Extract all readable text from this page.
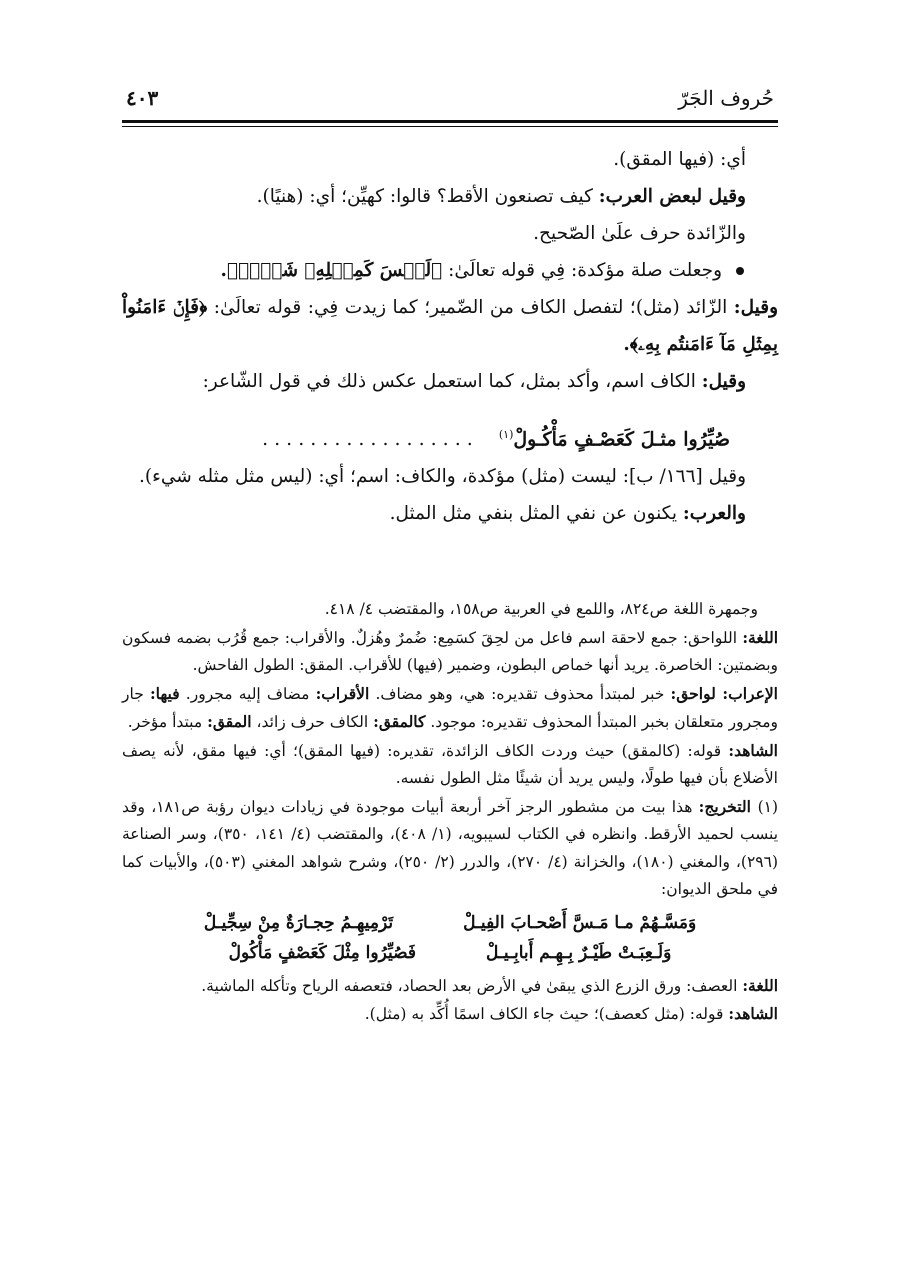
حُروف الجَرّ
٤٠٣
أي: (فيها المقق).
وقيل لبعض العرب: كيف تصنعون الأقط؟ قالوا: كهيِّن؛ أي: (هنيًا).
والزّائدة حرف علَىٰ الصّحيح.
وجعلت صلة مؤكدة: فِي قوله تعالَىٰ: ﴿لَيۡسَ كَمِثۡلِهِۦ شَيۡءٞ﴾.
وقيل: الزّائد (مثل)؛ لتفصل الكاف من الضّمير؛ كما زيدت فِي: قوله تعالَىٰ: ﴿فَإِنۡ ءَامَنُواْ بِمِثۡلِ مَآ ءَامَنتُم بِهِۦ﴾.
وقيل: الكاف اسم، وأكد بمثل، كما استعمل عكس ذلك في قول الشّاعر:
صُيِّرُوا مثـلَ كَعَصْـفٍ مَأْكُـولْ$^{(١)}$ ..................
وقيل [١٦٦/ ب]: ليست (مثل) مؤكدة، والكاف: اسم؛ أي: (ليس مثل مثله شيء).
والعرب: يكنون عن نفي المثل بنفي مثل المثل.
وجمهرة اللغة ص٨٢٤، واللمع في العربية ص١٥٨، والمقتضب ٤/ ٤١٨.
اللغة: اللواحق: جمع لاحقة اسم فاعل من لحِقَ كسَمِع: ضُمرٌ وهُزلٌ. والأقراب: جمع قُرُب بضمه فسكون وبضمتين: الخاصرة. يريد أنها خماص البطون، وضمير (فيها) للأقراب. المقق: الطول الفاحش.
الإعراب: لواحق: خبر لمبتدأ محذوف تقديره: هي، وهو مضاف. الأقراب: مضاف إليه مجرور. فيها: جار ومجرور متعلقان بخبر المبتدأ المحذوف تقديره: موجود. كالمقق: الكاف حرف زائد، المقق: مبتدأ مؤخر.
الشاهد: قوله: (كالمقق) حيث وردت الكاف الزائدة، تقديره: (فيها المقق)؛ أي: فيها مقق، لأنه يصف الأضلاع بأن فيها طولًا، وليس يريد أن شيئًا مثل الطول نفسه.
(١) التخريج: هذا بيت من مشطور الرجز آخر أربعة أبيات موجودة في زيادات ديوان رؤبة ص١٨١، وقد ينسب لحميد الأرقط. وانظره في الكتاب لسيبويه، (١/ ٤٠٨)، والمقتضب (٤/ ١٤١، ٣٥٠)، وسر الصناعة (٢٩٦)، والمغني (١٨٠)، والخزانة (٤/ ٢٧٠)، والدرر (٢/ ٢٥٠)، وشرح شواهد المغني (٥٠٣)، والأبيات كما في ملحق الديوان:
وَمَسَّـهُمْ مـا مَـسَّ أَصْحـابَ الفِيـلْ
تَرْمِيهِـمُ حِجـارَةٌ مِنْ سِجِّيـلْ
وَلَـعِبَـتْ طَيْـرٌ بِـهِـم أَبابِـيـلْ
فَصُيِّرُوا مِثْلَ كَعَصْفٍ مَأْكُولْ
اللغة: العصف: ورق الزرع الذي يبقىٰ في الأرض بعد الحصاد، فتعصفه الرياح وتأكله الماشية.
الشاهد: قوله: (مثل كعصف)؛ حيث جاء الكاف اسمًا أُكِّد به (مثل).
